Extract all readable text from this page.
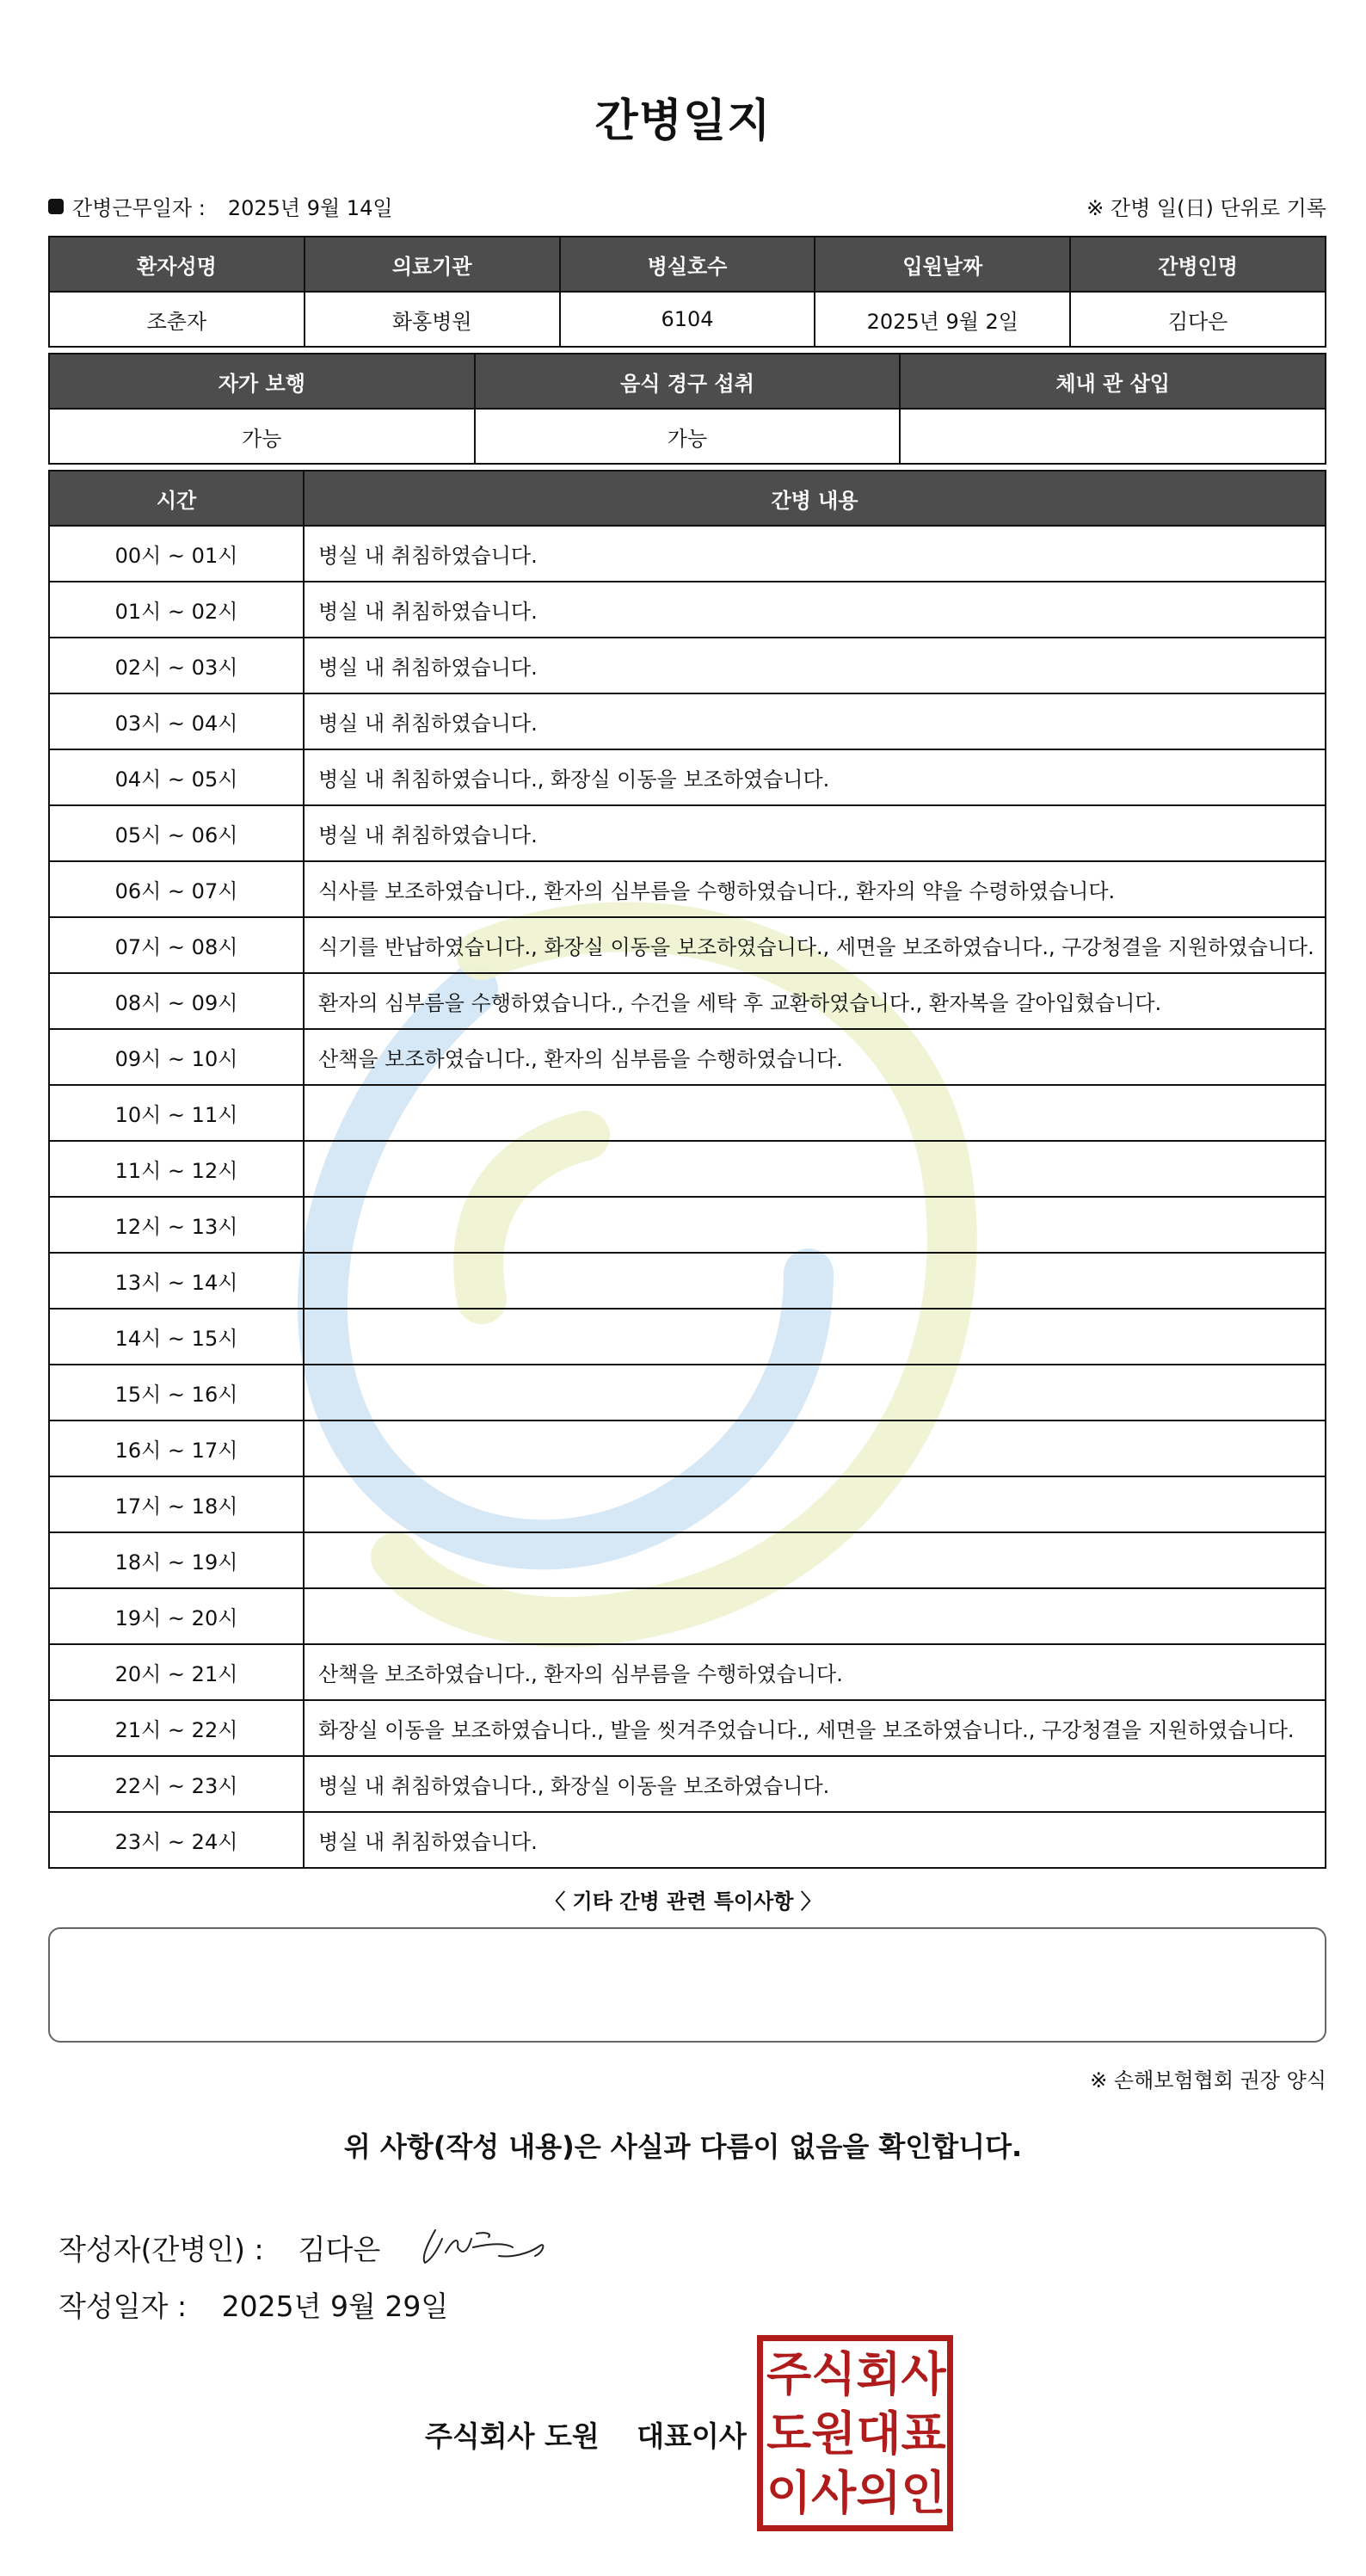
간병일지
간병근무일자 : 2025년 9월 14일	※ 간병 일(日) 단위로 기록
환자성명	의료기관	병실호수	입원날짜	간병인명
조춘자	화홍병원	6104	2025년 9월 2일	김다은
자가 보행	음식 경구 섭취	체내 관 삽입
가능	가능	
시간	간병 내용
00시 ~ 01시	병실 내 취침하였습니다.
01시 ~ 02시	병실 내 취침하였습니다.
02시 ~ 03시	병실 내 취침하였습니다.
03시 ~ 04시	병실 내 취침하였습니다.
04시 ~ 05시	병실 내 취침하였습니다., 화장실 이동을 보조하였습니다.
05시 ~ 06시	병실 내 취침하였습니다.
06시 ~ 07시	식사를 보조하였습니다., 환자의 심부름을 수행하였습니다., 환자의 약을 수령하였습니다.
07시 ~ 08시	식기를 반납하였습니다., 화장실 이동을 보조하였습니다., 세면을 보조하였습니다., 구강청결을 지원하였습니다.
08시 ~ 09시	환자의 심부름을 수행하였습니다., 수건을 세탁 후 교환하였습니다., 환자복을 갈아입혔습니다.
09시 ~ 10시	산책을 보조하였습니다., 환자의 심부름을 수행하였습니다.
10시 ~ 11시	
11시 ~ 12시	
12시 ~ 13시	
13시 ~ 14시	
14시 ~ 15시	
15시 ~ 16시	
16시 ~ 17시	
17시 ~ 18시	
18시 ~ 19시	
19시 ~ 20시	
20시 ~ 21시	산책을 보조하였습니다., 환자의 심부름을 수행하였습니다.
21시 ~ 22시	화장실 이동을 보조하였습니다., 발을 씻겨주었습니다., 세면을 보조하였습니다., 구강청결을 지원하였습니다.
22시 ~ 23시	병실 내 취침하였습니다., 화장실 이동을 보조하였습니다.
23시 ~ 24시	병실 내 취침하였습니다.
〈 기타 간병 관련 특이사항 〉
※ 손해보험협회 권장 양식
위 사항(작성 내용)은 사실과 다름이 없음을 확인합니다.
작성자(간병인) : 김다은
작성일자 : 2025년 9월 29일
주식회사 도원 대표이사
주 식 회 사
도 원 대 표
이 사 의 인
